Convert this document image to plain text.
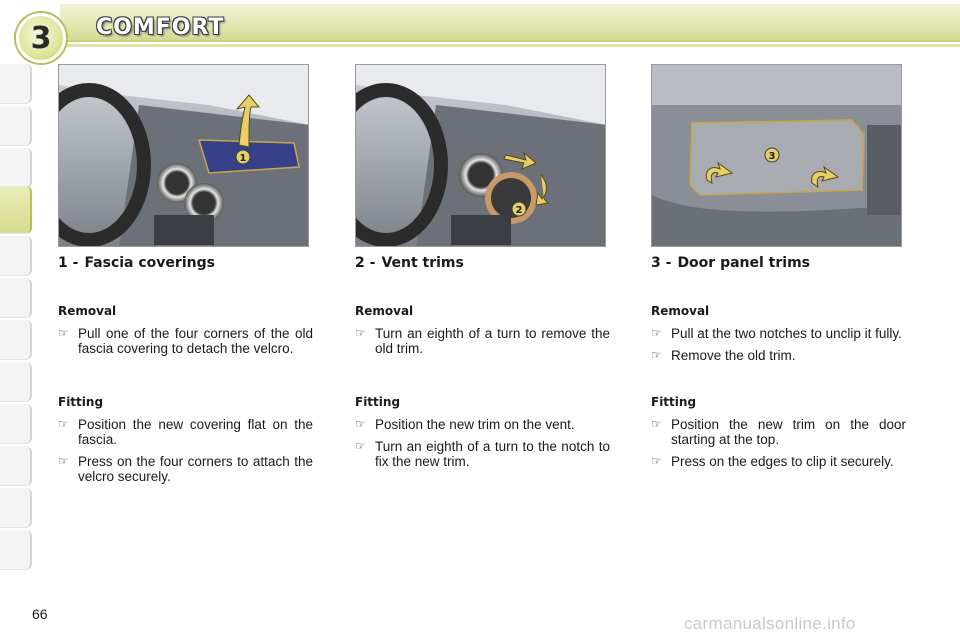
3 COMFORT
1
2
3
1 - Fascia coverings
Removal
☞ Pull one of the four corners of the old fascia covering to detach the velcro.
Fitting
☞ Position the new covering flat on the fascia.
☞ Press on the four corners to attach the velcro securely.
2 - Vent trims
Removal
☞ Turn an eighth of a turn to remove the old trim.
Fitting
☞ Position the new trim on the vent.
☞ Turn an eighth of a turn to the notch to fix the new trim.
3 - Door panel trims
Removal
☞ Pull at the two notches to unclip it fully.
☞ Remove the old trim.
Fitting
☞ Position the new trim on the door starting at the top.
☞ Press on the edges to clip it securely.
66	carmanualsonline.info
